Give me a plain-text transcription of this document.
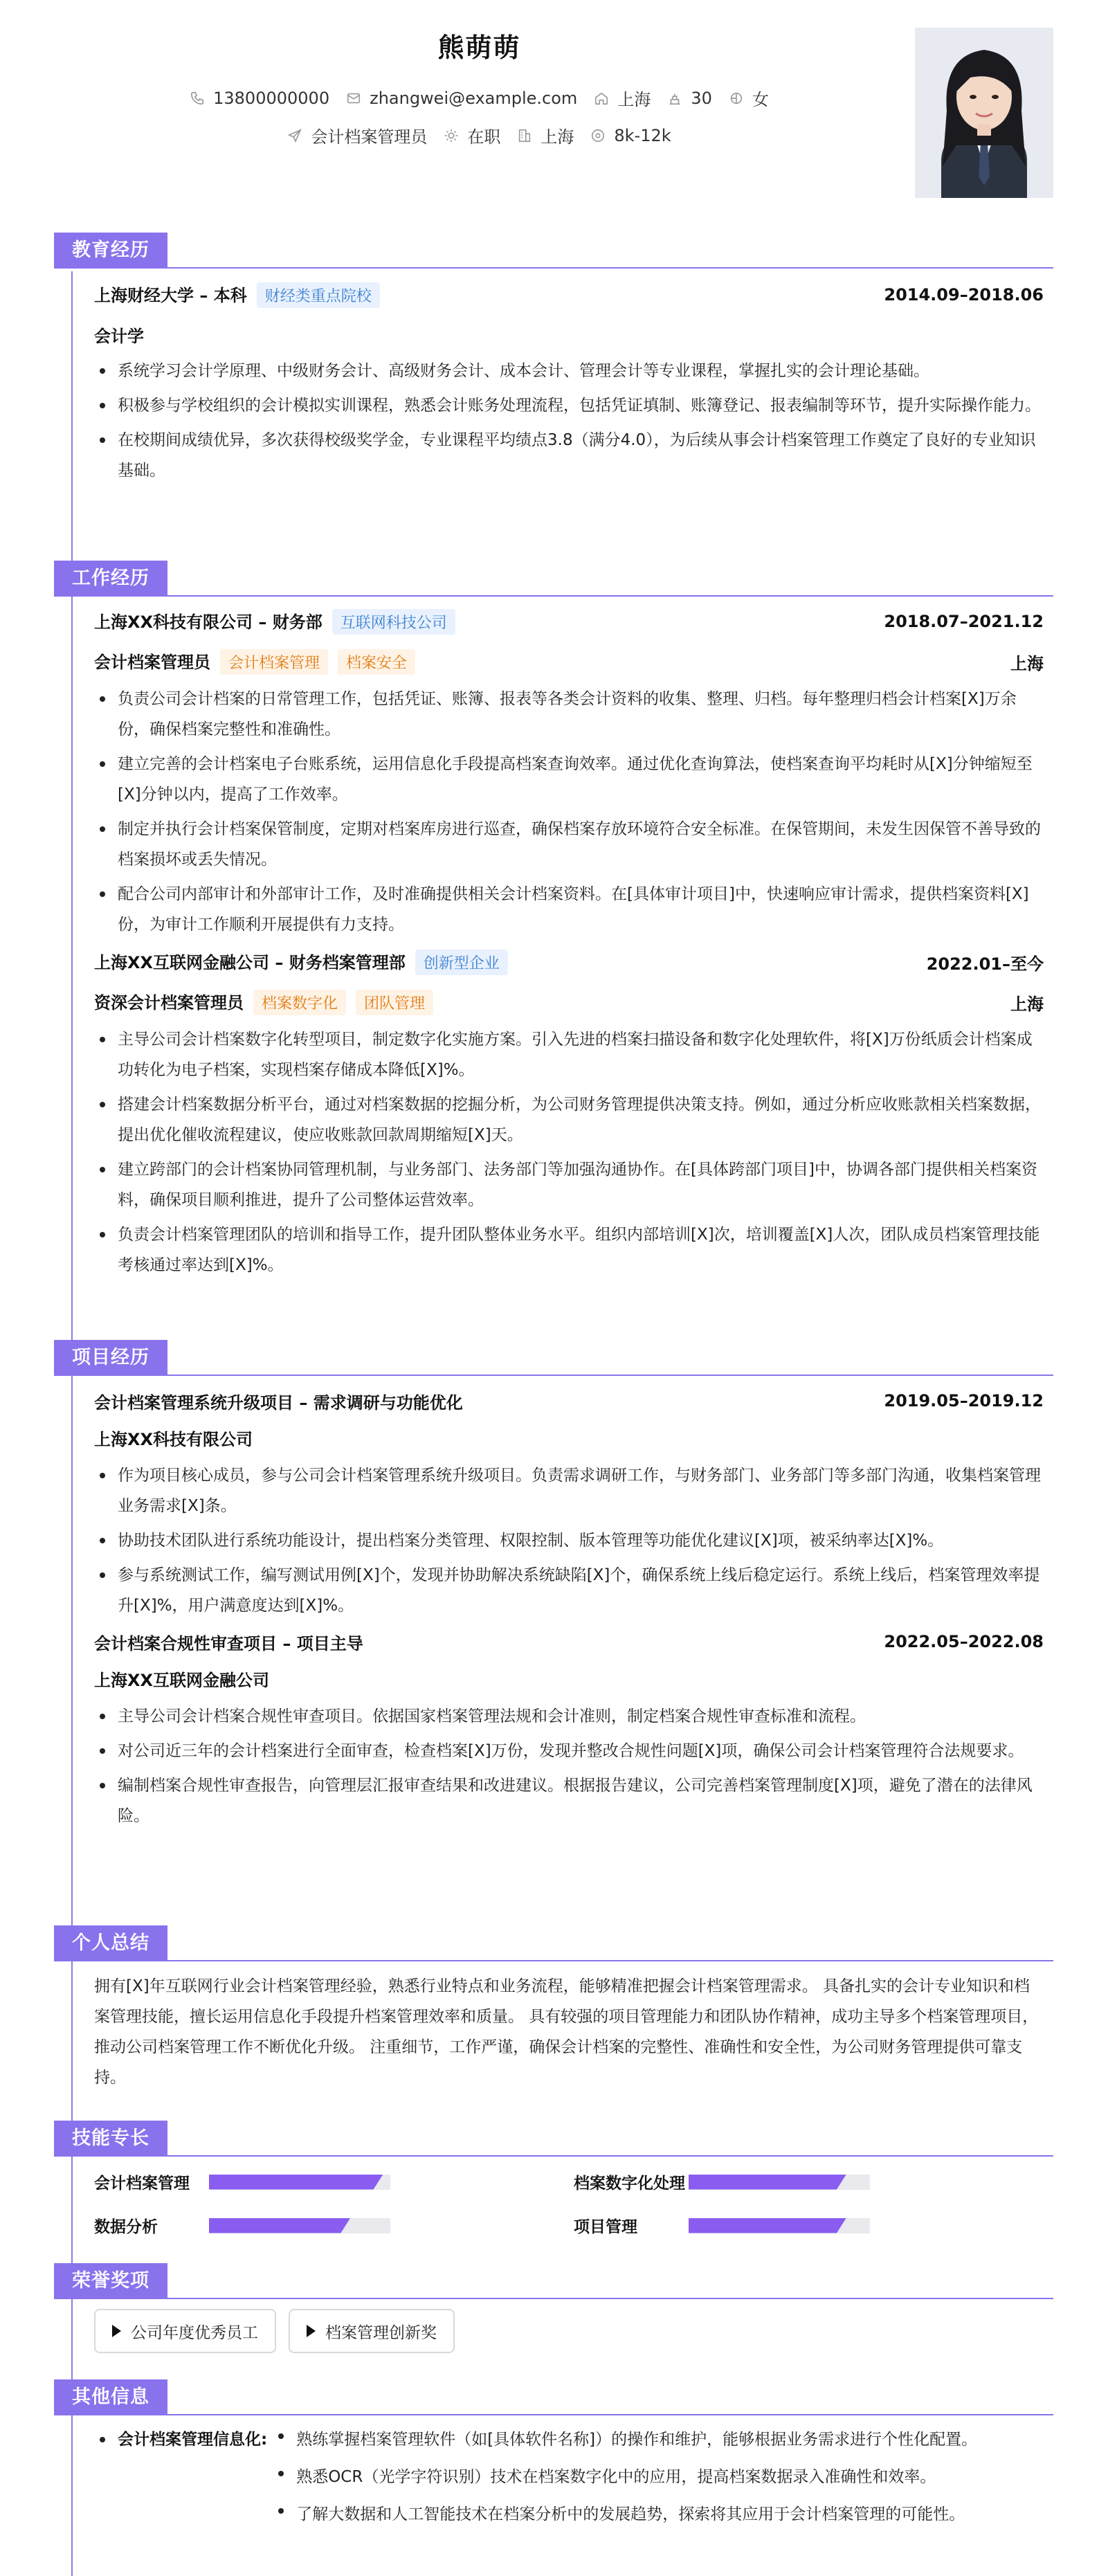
熊萌萌
13800000000 zhangwei@example.com 上海 30 女
会计档案管理员 在职 上海 8k-12k
教育经历
上海财经大学 – 本科 财经类重点院校	2014.09–2018.06
会计学
系统学习会计学原理、中级财务会计、高级财务会计、成本会计、管理会计等专业课程，掌握扎实的会计理论基础。
积极参与学校组织的会计模拟实训课程，熟悉会计账务处理流程，包括凭证填制、账簿登记、报表编制等环节，提升实际操作能力。
在校期间成绩优异，多次获得校级奖学金，专业课程平均绩点3.8（满分4.0），为后续从事会计档案管理工作奠定了良好的专业知识基础。
工作经历
上海XX科技有限公司 – 财务部 互联网科技公司	2018.07–2021.12
会计档案管理员 会计档案管理 档案安全	上海
负责公司会计档案的日常管理工作，包括凭证、账簿、报表等各类会计资料的收集、整理、归档。每年整理归档会计档案[X]万余份，确保档案完整性和准确性。
建立完善的会计档案电子台账系统，运用信息化手段提高档案查询效率。通过优化查询算法，使档案查询平均耗时从[X]分钟缩短至[X]分钟以内，提高了工作效率。
制定并执行会计档案保管制度，定期对档案库房进行巡查，确保档案存放环境符合安全标准。在保管期间，未发生因保管不善导致的档案损坏或丢失情况。
配合公司内部审计和外部审计工作，及时准确提供相关会计档案资料。在[具体审计项目]中，快速响应审计需求，提供档案资料[X]份，为审计工作顺利开展提供有力支持。
上海XX互联网金融公司 – 财务档案管理部 创新型企业	2022.01–至今
资深会计档案管理员 档案数字化 团队管理	上海
主导公司会计档案数字化转型项目，制定数字化实施方案。引入先进的档案扫描设备和数字化处理软件，将[X]万份纸质会计档案成功转化为电子档案，实现档案存储成本降低[X]%。
搭建会计档案数据分析平台，通过对档案数据的挖掘分析，为公司财务管理提供决策支持。例如，通过分析应收账款相关档案数据，提出优化催收流程建议，使应收账款回款周期缩短[X]天。
建立跨部门的会计档案协同管理机制，与业务部门、法务部门等加强沟通协作。在[具体跨部门项目]中，协调各部门提供相关档案资料，确保项目顺利推进，提升了公司整体运营效率。
负责会计档案管理团队的培训和指导工作，提升团队整体业务水平。组织内部培训[X]次，培训覆盖[X]人次，团队成员档案管理技能考核通过率达到[X]%。
项目经历
会计档案管理系统升级项目 – 需求调研与功能优化	2019.05–2019.12
上海XX科技有限公司
作为项目核心成员，参与公司会计档案管理系统升级项目。负责需求调研工作，与财务部门、业务部门等多部门沟通，收集档案管理业务需求[X]条。
协助技术团队进行系统功能设计，提出档案分类管理、权限控制、版本管理等功能优化建议[X]项，被采纳率达[X]%。
参与系统测试工作，编写测试用例[X]个，发现并协助解决系统缺陷[X]个，确保系统上线后稳定运行。系统上线后，档案管理效率提升[X]%，用户满意度达到[X]%。
会计档案合规性审查项目 – 项目主导	2022.05–2022.08
上海XX互联网金融公司
主导公司会计档案合规性审查项目。依据国家档案管理法规和会计准则，制定档案合规性审查标准和流程。
对公司近三年的会计档案进行全面审查，检查档案[X]万份，发现并整改合规性问题[X]项，确保公司会计档案管理符合法规要求。
编制档案合规性审查报告，向管理层汇报审查结果和改进建议。根据报告建议，公司完善档案管理制度[X]项，避免了潜在的法律风险。
个人总结
拥有[X]年互联网行业会计档案管理经验，熟悉行业特点和业务流程，能够精准把握会计档案管理需求。 具备扎实的会计专业知识和档案管理技能，擅长运用信息化手段提升档案管理效率和质量。 具有较强的项目管理能力和团队协作精神，成功主导多个档案管理项目，推动公司档案管理工作不断优化升级。 注重细节，工作严谨，确保会计档案的完整性、准确性和安全性，为公司财务管理提供可靠支持。
技能专长
会计档案管理	档案数字化处理
数据分析	项目管理
荣誉奖项
公司年度优秀员工	档案管理创新奖
其他信息
会计档案管理信息化:	熟练掌握档案管理软件（如[具体软件名称]）的操作和维护，能够根据业务需求进行个性化配置。
熟悉OCR（光学字符识别）技术在档案数字化中的应用，提高档案数据录入准确性和效率。
了解大数据和人工智能技术在档案分析中的发展趋势，探索将其应用于会计档案管理的可能性。
